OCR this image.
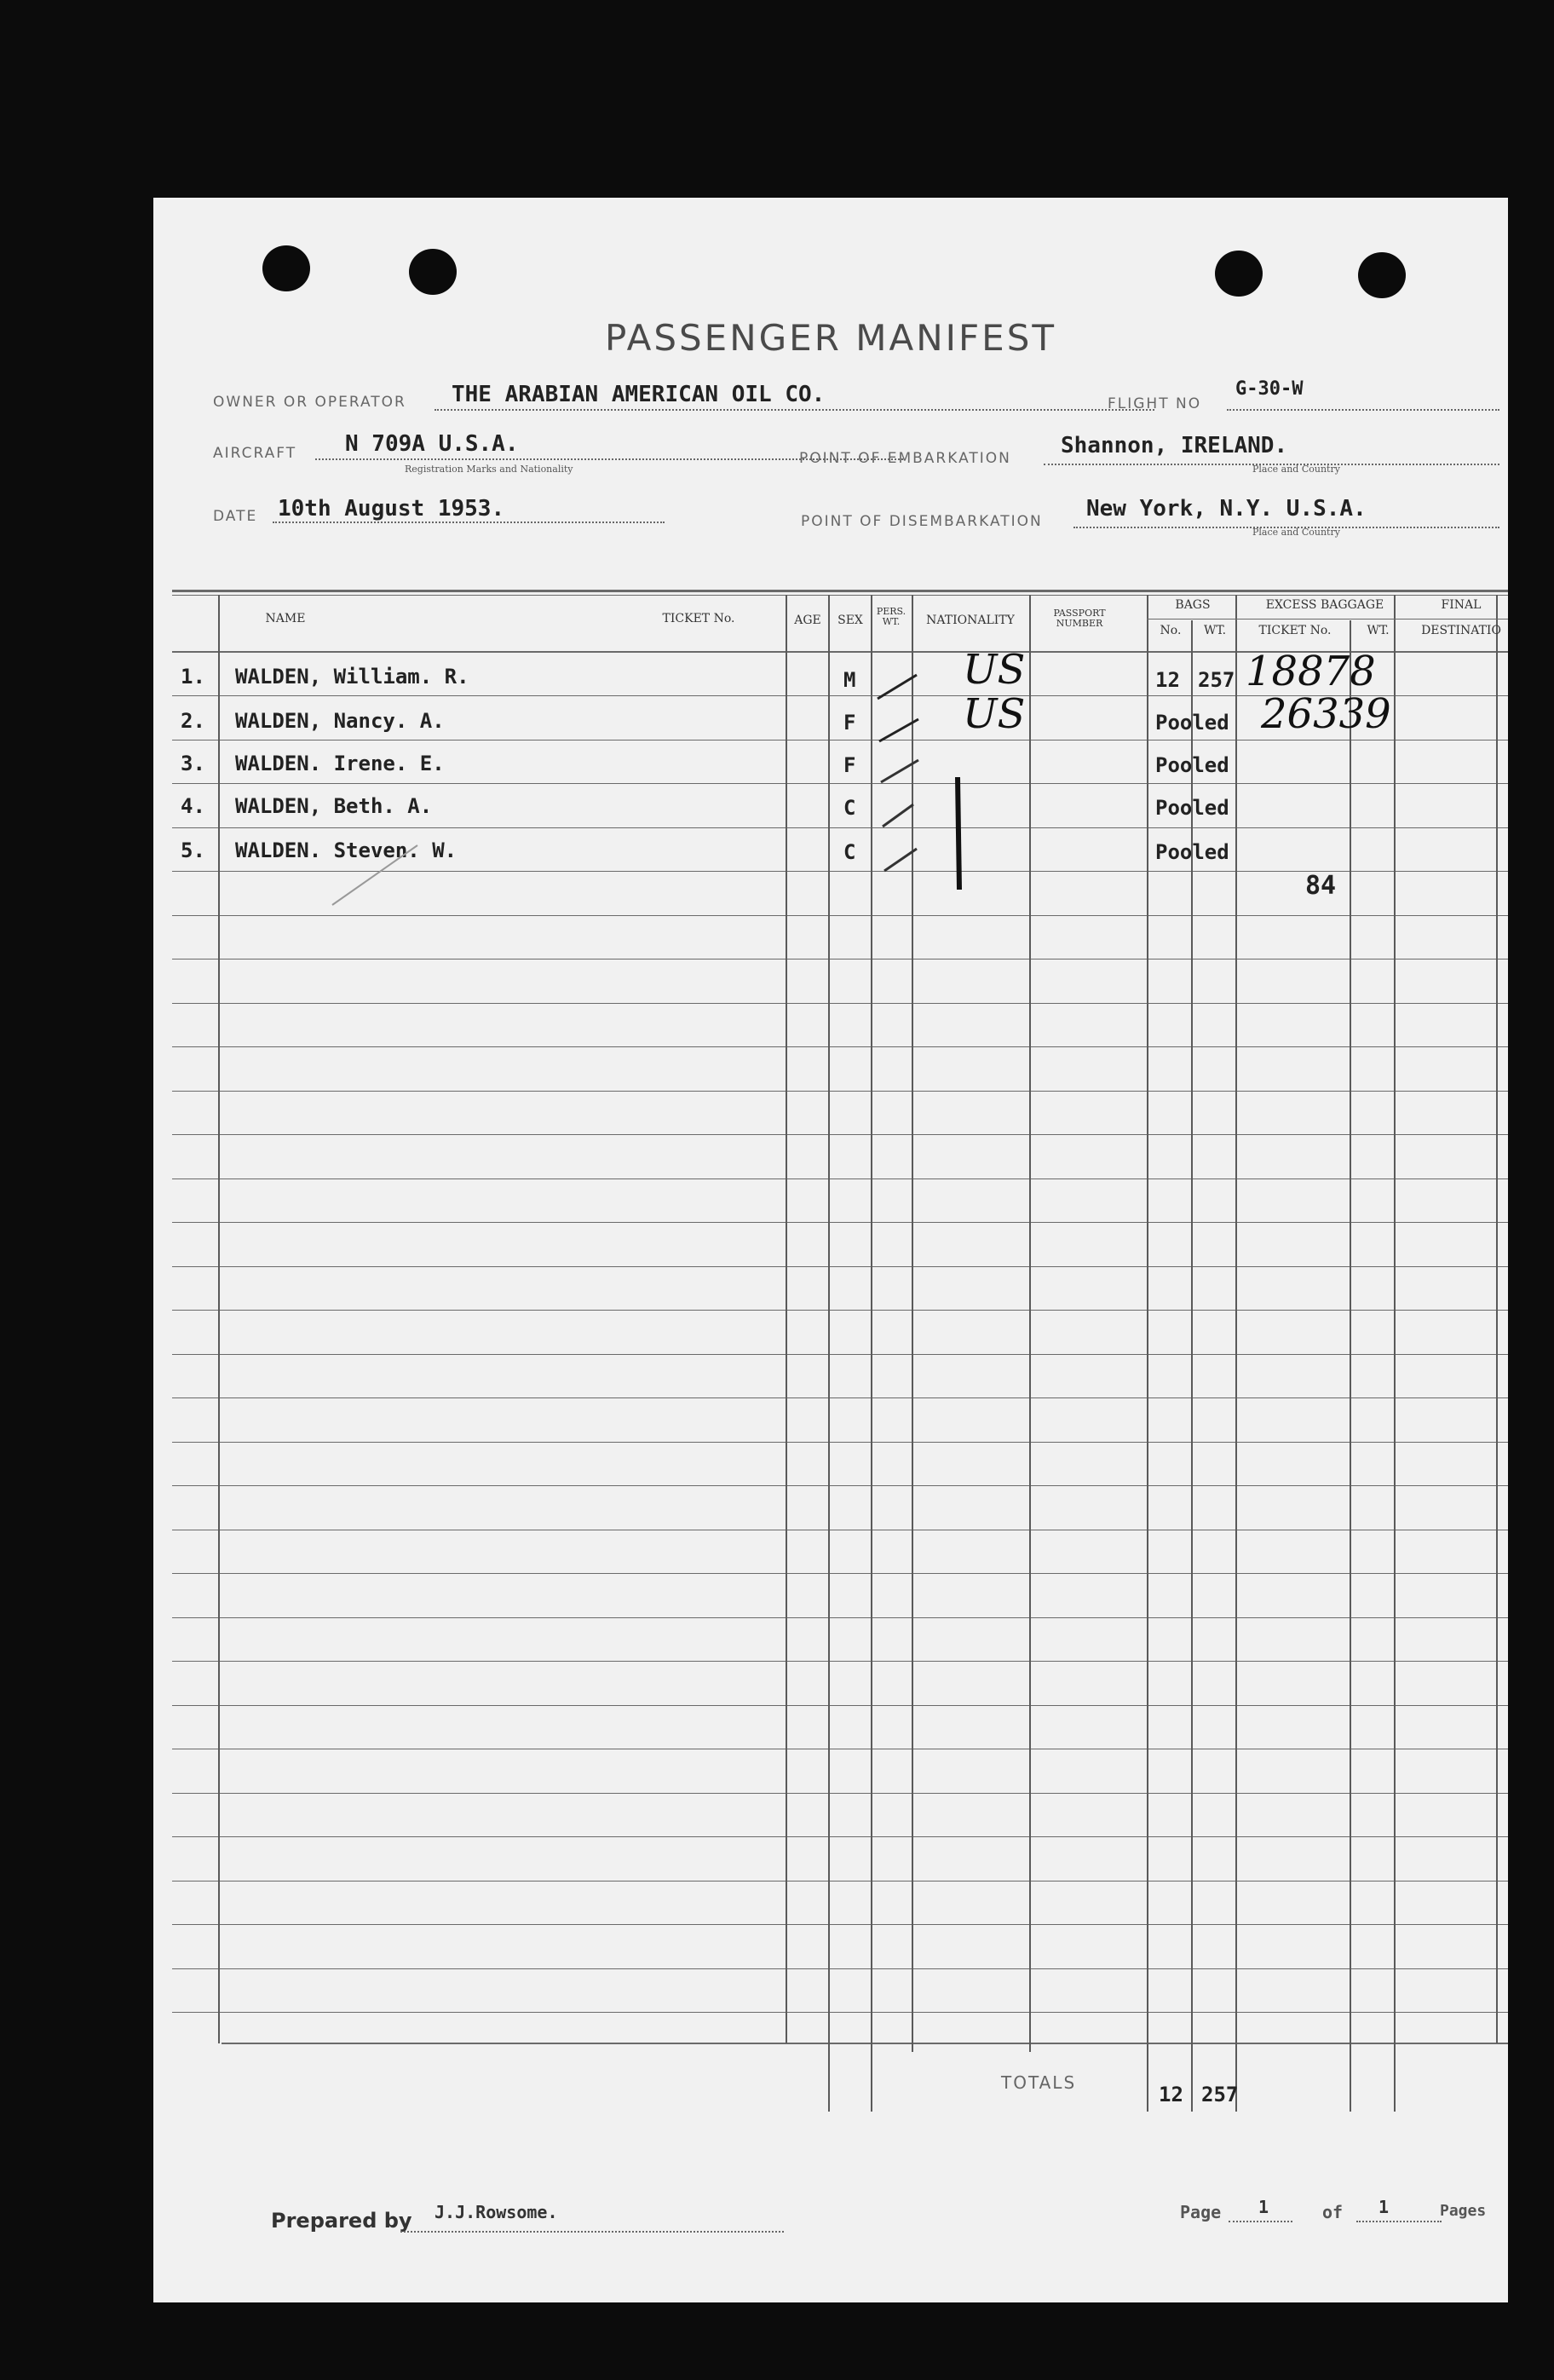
PASSENGER MANIFEST
OWNER OR OPERATOR THE ARABIAN AMERICAN OIL CO.	FLIGHT NO
G-30-W
AIRCRAFT N 709A U.S.A.
Registration Marks and Nationality
POINT OF EMBARKATION Shannon, IRELAND.
Place and Country
DATE 10th August 1953.	POINT OF DISEMBARKATION New York, N.Y. U.S.A.
Place and Country
NAME	TICKET No.	AGE	SEX
PERS. WT.	NATIONALITY
PASSPORT NUMBER
BAGS
No.	WT.
EXCESS BAGGAGE
TICKET No.	WT.
FINAL
DESTINATIO
1. WALDEN, William. R.	M	US	12 257 18878
2. WALDEN, Nancy. A.	F	US	Pooled 26339
3. WALDEN. Irene. E.	F	Pooled
4. WALDEN, Beth. A.	C	Pooled
5. WALDEN. Steven. W.	C	Pooled
84
TOTALS	12 257
Prepared by J.J.Rowsome.	Page 1	of 1	Pages
